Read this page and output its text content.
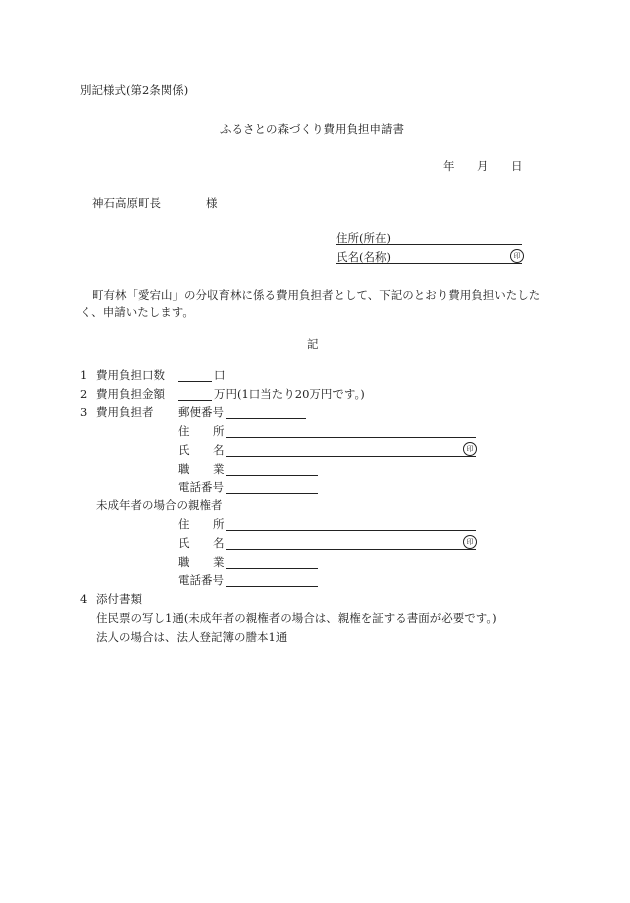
別記様式(第2条関係)
ふるさとの森づくり費用負担申請書
年 月 日
神石高原町長	様
住所(所在)
氏名(名称)	印
町有林「愛宕山」の分収育林に係る費用負担者として、下記のとおり費用負担いたした
く、申請いたします。
記
1 費用負担口数	口
2 費用負担金額	万円(1口当たり20万円です。)
3 費用負担者 郵便番号
住 所
氏 名	印
職 業
電話番号
未成年者の場合の親権者
住 所
氏 名	印
職 業
電話番号
4 添付書類
住民票の写し1通(未成年者の親権者の場合は、親権を証する書面が必要です。)
法人の場合は、法人登記簿の謄本1通
